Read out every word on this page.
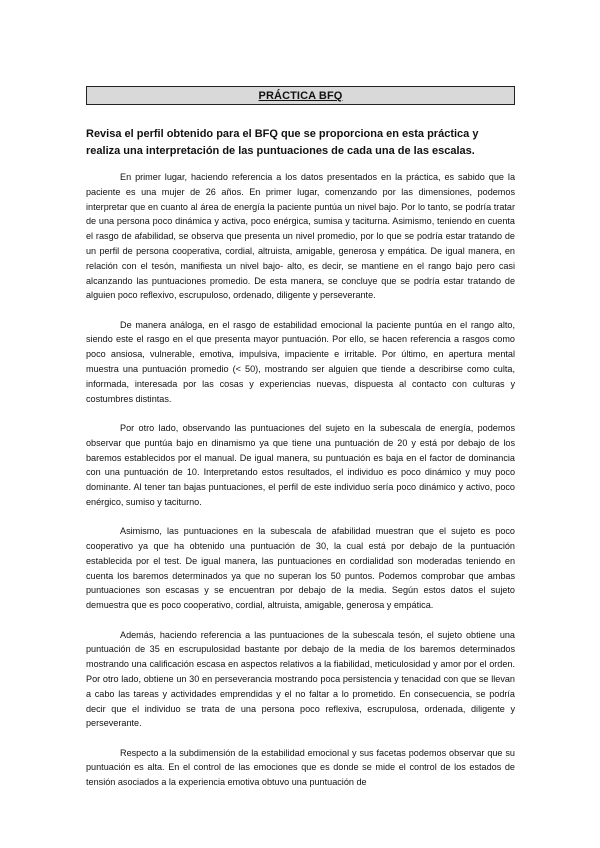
PRÁCTICA BFQ
Revisa el perfil obtenido para el BFQ que se proporciona en esta práctica y realiza una interpretación de las puntuaciones de cada una de las escalas.

En primer lugar, haciendo referencia a los datos presentados en la práctica, es sabido que la paciente es una mujer de 26 años. En primer lugar, comenzando por las dimensiones, podemos interpretar que en cuanto al área de energía la paciente puntúa un nivel bajo. Por lo tanto, se podría tratar de una persona poco dinámica y activa, poco enérgica, sumisa y taciturna. Asimismo, teniendo en cuenta el rasgo de afabilidad, se observa que presenta un nivel promedio, por lo que se podría estar tratando de un perfil de persona cooperativa, cordial, altruista, amigable, generosa y empática. De igual manera, en relación con el tesón, manifiesta un nivel bajo- alto, es decir, se mantiene en el rango bajo pero casi alcanzando las puntuaciones promedio. De esta manera, se concluye que se podría estar tratando de alguien poco reflexivo, escrupuloso, ordenado, diligente y perseverante.

De manera análoga, en el rasgo de estabilidad emocional la paciente puntúa en el rango alto, siendo este el rasgo en el que presenta mayor puntuación. Por ello, se hacen referencia a rasgos como poco ansiosa, vulnerable, emotiva, impulsiva, impaciente e irritable. Por último, en apertura mental muestra una puntuación promedio (< 50), mostrando ser alguien que tiende a describirse como culta, informada, interesada por las cosas y experiencias nuevas, dispuesta al contacto con culturas y costumbres distintas.

Por otro lado, observando las puntuaciones del sujeto en la subescala de energía, podemos observar que puntúa bajo en dinamismo ya que tiene una puntuación de 20 y está por debajo de los baremos establecidos por el manual. De igual manera, su puntuación es baja en el factor de dominancia con una puntuación de 10. Interpretando estos resultados, el individuo es poco dinámico y muy poco dominante. Al tener tan bajas puntuaciones, el perfil de este individuo sería poco dinámico y activo, poco enérgico, sumiso y taciturno.

Asimismo, las puntuaciones en la subescala de afabilidad muestran que el sujeto es poco cooperativo ya que ha obtenido una puntuación de 30, la cual está por debajo de la puntuación establecida por el test. De igual manera, las puntuaciones en cordialidad son moderadas teniendo en cuenta los baremos determinados ya que no superan los 50 puntos. Podemos comprobar que ambas puntuaciones son escasas y se encuentran por debajo de la media. Según estos datos el sujeto demuestra que es poco cooperativo, cordial, altruista, amigable, generosa y empática.

Además, haciendo referencia a las puntuaciones de la subescala tesón, el sujeto obtiene una puntuación de 35 en escrupulosidad bastante por debajo de la media de los baremos determinados mostrando una calificación escasa en aspectos relativos a la fiabilidad, meticulosidad y amor por el orden. Por otro lado, obtiene un 30 en perseverancia mostrando poca persistencia y tenacidad con que se llevan a cabo las tareas y actividades emprendidas y el no faltar a lo prometido. En consecuencia, se podría decir que el individuo se trata de una persona poco reflexiva, escrupulosa, ordenada, diligente y perseverante.

Respecto a la subdimensión de la estabilidad emocional y sus facetas podemos observar que su puntuación es alta. En el control de las emociones que es donde se mide el control de los estados de tensión asociados a la experiencia emotiva obtuvo una puntuación de
